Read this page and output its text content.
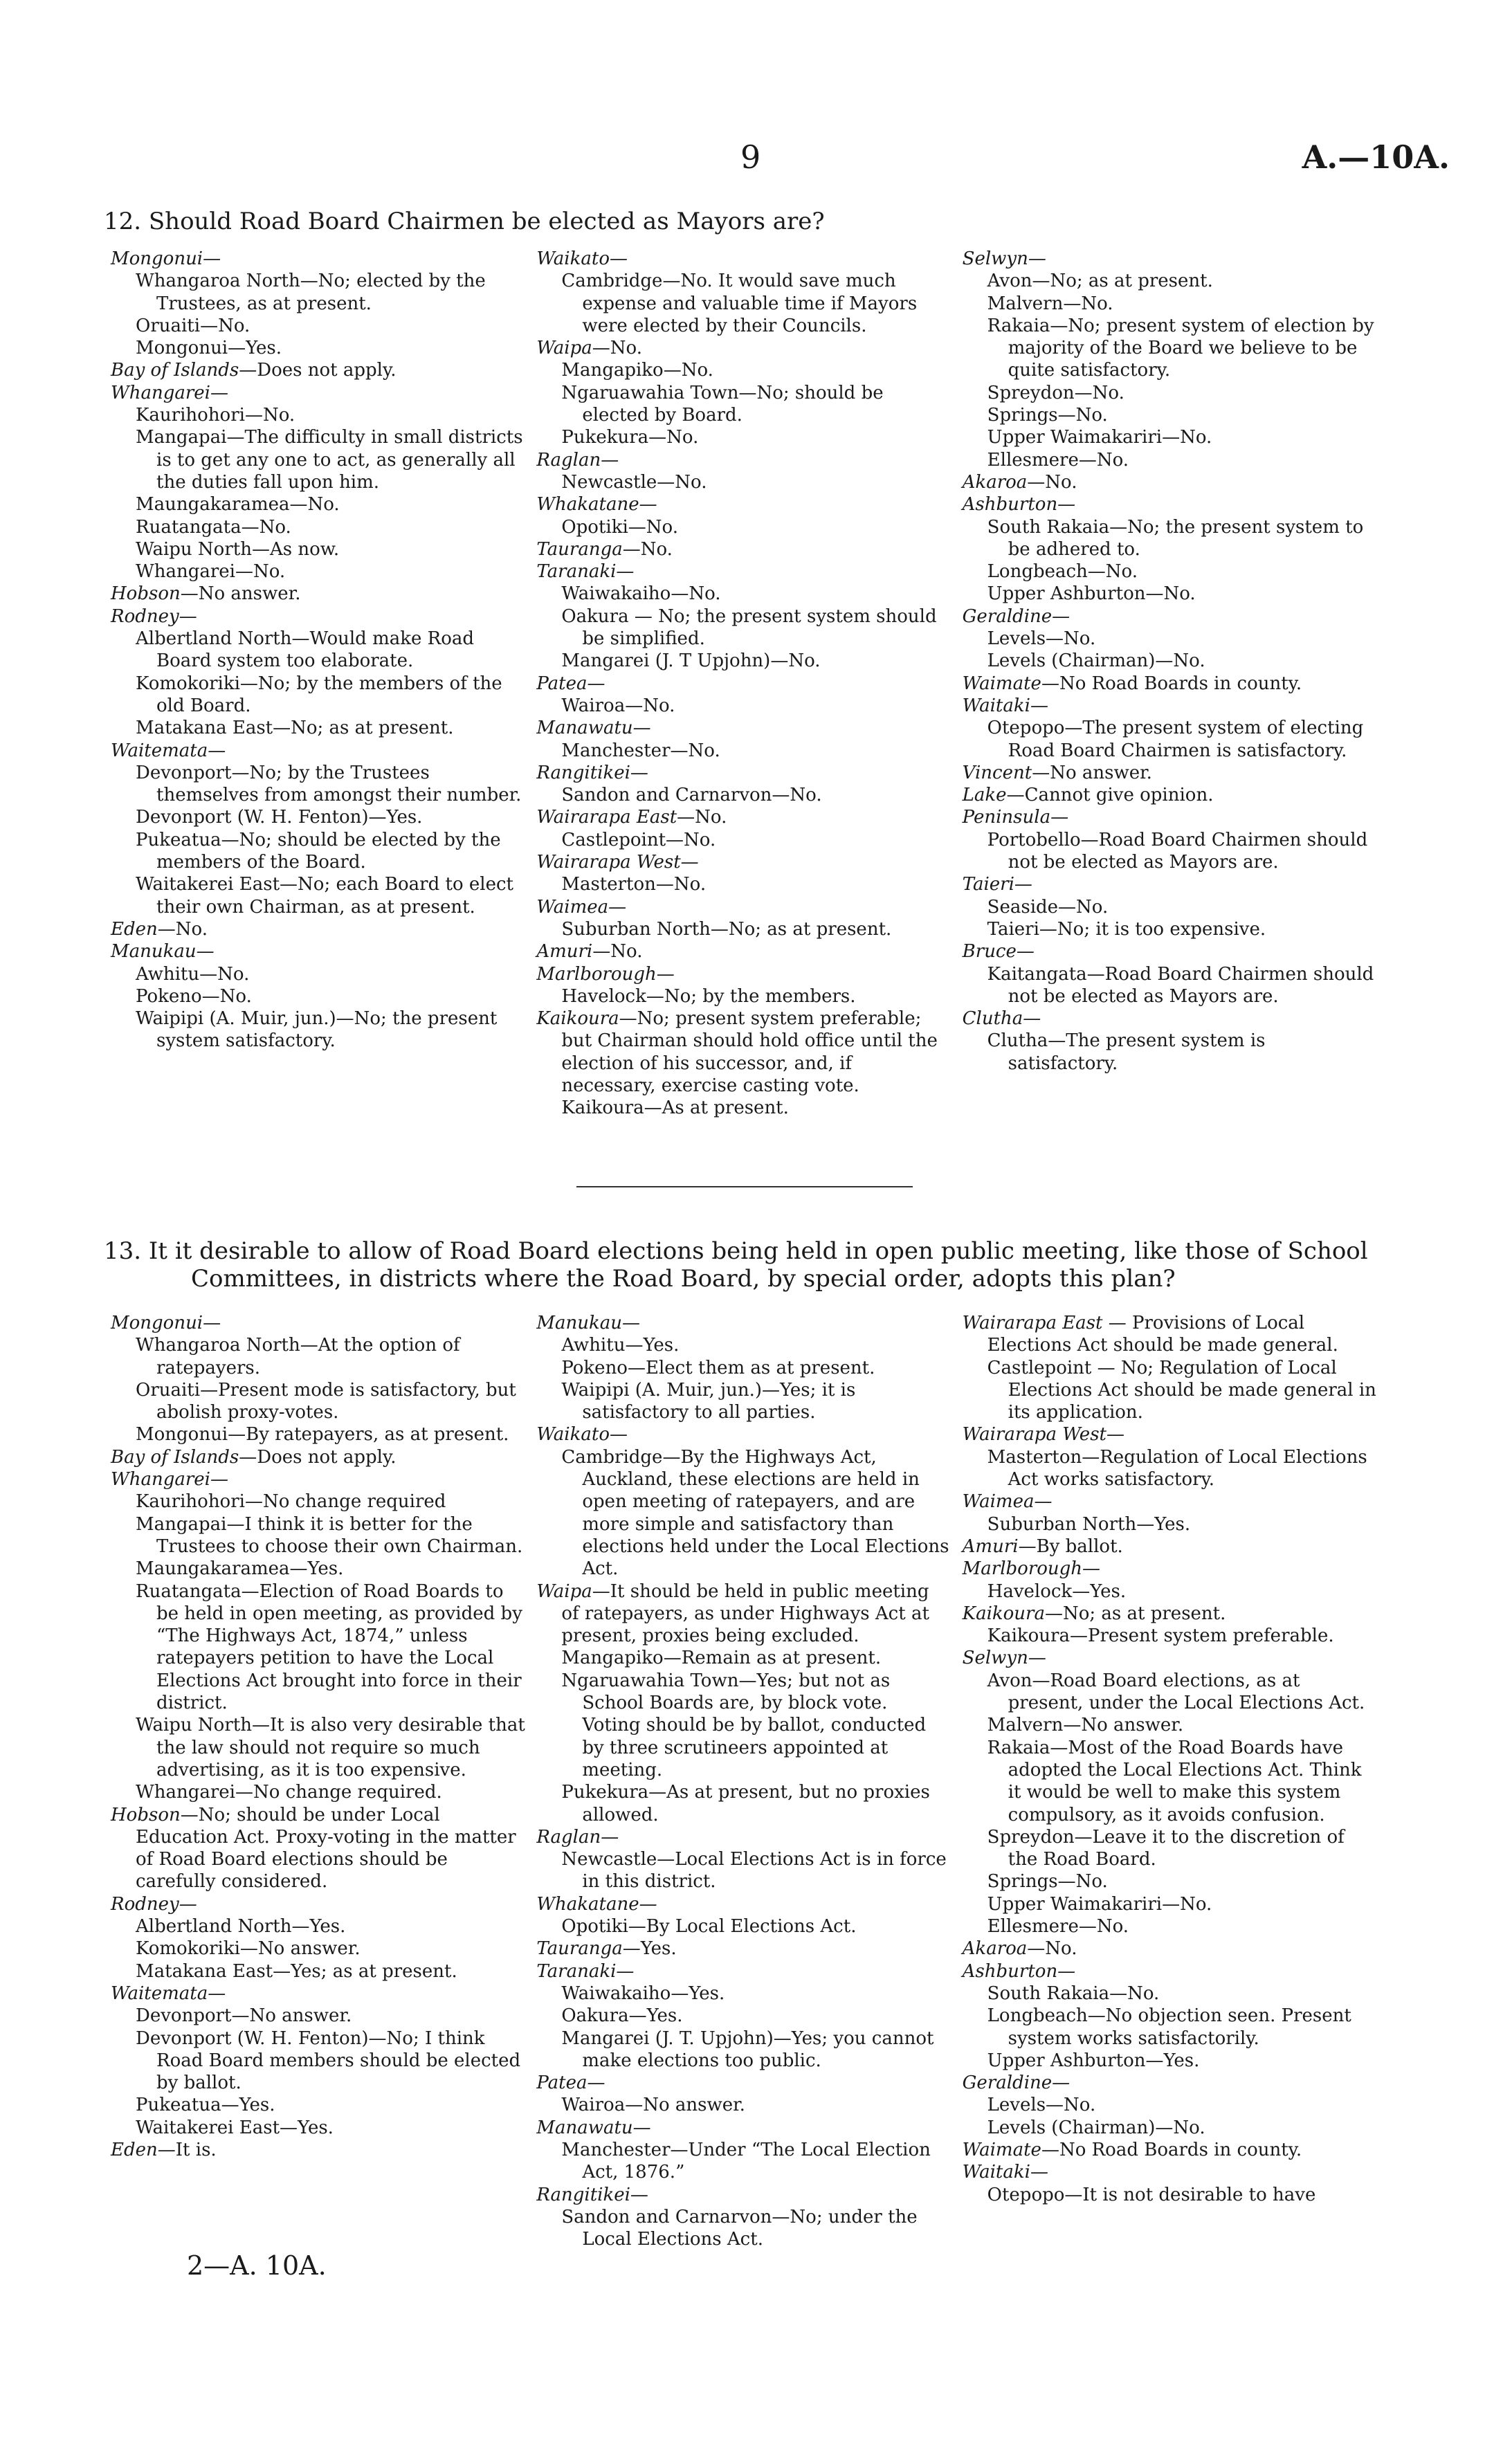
9	A.—10A.
12. Should Road Board Chairmen be elected as Mayors are?

Mongonui—

Whangaroa North—No; elected by the Trustees, as at present.

Oruaiti—No.

Mongonui—Yes.

Bay of Islands—Does not apply.

Whangarei—

Kaurihohori—No.

Mangapai—The difficulty in small districts is to get any one to act, as generally all the duties fall upon him.

Maungakaramea—No.

Ruatangata—No.

Waipu North—As now.

Whangarei—No.

Hobson—No answer.

Rodney—

Albertland North—Would make Road Board system too elaborate.

Komokoriki—No; by the members of the old Board.

Matakana East—No; as at present.

Waitemata—

Devonport—No; by the Trustees themselves from amongst their number.

Devonport (W. H. Fenton)—Yes.

Pukeatua—No; should be elected by the members of the Board.

Waitakerei East—No; each Board to elect their own Chairman, as at present.

Eden—No.

Manukau—

Awhitu—No.

Pokeno—No.

Waipipi (A. Muir, jun.)—No; the present system satisfactory.

Waikato—

Cambridge—No. It would save much expense and valuable time if Mayors were elected by their Councils.

Waipa—No.

Mangapiko—No.

Ngaruawahia Town—No; should be elected by Board.

Pukekura—No.

Raglan—

Newcastle—No.

Whakatane—

Opotiki—No.

Tauranga—No.

Taranaki—

Waiwakaiho—No.

Oakura — No; the present system should be simplified.

Mangarei (J. T Upjohn)—No.

Patea—

Wairoa—No.

Manawatu—

Manchester—No.

Rangitikei—

Sandon and Carnarvon—No.

Wairarapa East—No.

Castlepoint—No.

Wairarapa West—

Masterton—No.

Waimea—

Suburban North—No; as at present.

Amuri—No.

Marlborough—

Havelock—No; by the members.

Kaikoura—No; present system preferable; but Chairman should hold office until the election of his successor, and, if necessary, exercise casting vote.

Kaikoura—As at present.

Selwyn—

Avon—No; as at present.

Malvern—No.

Rakaia—No; present system of election by majority of the Board we believe to be quite satisfactory.

Spreydon—No.

Springs—No.

Upper Waimakariri—No.

Ellesmere—No.

Akaroa—No.

Ashburton—

South Rakaia—No; the present system to be adhered to.

Longbeach—No.

Upper Ashburton—No.

Geraldine—

Levels—No.

Levels (Chairman)—No.

Waimate—No Road Boards in county.

Waitaki—

Otepopo—The present system of electing Road Board Chairmen is satisfactory.

Vincent—No answer.

Lake—Cannot give opinion.

Peninsula—

Portobello—Road Board Chairmen should not be elected as Mayors are.

Taieri—

Seaside—No.

Taieri—No; it is too expensive.

Bruce—

Kaitangata—Road Board Chairmen should not be elected as Mayors are.

Clutha—

Clutha—The present system is satisfactory.

13. It it desirable to allow of Road Board elections being held in open public meeting, like those of School Committees, in districts where the Road Board, by special order, adopts this plan?

Mongonui—

Whangaroa North—At the option of ratepayers.

Oruaiti—Present mode is satisfactory, but abolish proxy-votes.

Mongonui—By ratepayers, as at present.

Bay of Islands—Does not apply.

Whangarei—

Kaurihohori—No change required

Mangapai—I think it is better for the Trustees to choose their own Chairman.

Maungakaramea—Yes.

Ruatangata—Election of Road Boards to be held in open meeting, as provided by “The Highways Act, 1874,” unless ratepayers petition to have the Local Elections Act brought into force in their district.

Waipu North—It is also very desirable that the law should not require so much advertising, as it is too expensive.

Whangarei—No change required.

Hobson—No; should be under Local Education Act. Proxy-voting in the matter of Road Board elections should be carefully considered.

Rodney—

Albertland North—Yes.

Komokoriki—No answer.

Matakana East—Yes; as at present.

Waitemata—

Devonport—No answer.

Devonport (W. H. Fenton)—No; I think Road Board members should be elected by ballot.

Pukeatua—Yes.

Waitakerei East—Yes.

Eden—It is.

Manukau—

Awhitu—Yes.

Pokeno—Elect them as at present.

Waipipi (A. Muir, jun.)—Yes; it is satisfactory to all parties.

Waikato—

Cambridge—By the Highways Act, Auckland, these elections are held in open meeting of ratepayers, and are more simple and satisfactory than elections held under the Local Elections Act.

Waipa—It should be held in public meeting of ratepayers, as under Highways Act at present, proxies being excluded.

Mangapiko—Remain as at present.

Ngaruawahia Town—Yes; but not as School Boards are, by block vote. Voting should be by ballot, conducted by three scrutineers appointed at meeting.

Pukekura—As at present, but no proxies allowed.

Raglan—

Newcastle—Local Elections Act is in force in this district.

Whakatane—

Opotiki—By Local Elections Act.

Tauranga—Yes.

Taranaki—

Waiwakaiho—Yes.

Oakura—Yes.

Mangarei (J. T. Upjohn)—Yes; you cannot make elections too public.

Patea—

Wairoa—No answer.

Manawatu—

Manchester—Under “The Local Election Act, 1876.”

Rangitikei—

Sandon and Carnarvon—No; under the Local Elections Act.

Wairarapa East — Provisions of Local Elections Act should be made general.

Castlepoint — No; Regulation of Local Elections Act should be made general in its application.

Wairarapa West—

Masterton—Regulation of Local Elections Act works satisfactory.

Waimea—

Suburban North—Yes.

Amuri—By ballot.

Marlborough—

Havelock—Yes.

Kaikoura—No; as at present.

Kaikoura—Present system preferable.

Selwyn—

Avon—Road Board elections, as at present, under the Local Elections Act.

Malvern—No answer.

Rakaia—Most of the Road Boards have adopted the Local Elections Act. Think it would be well to make this system compulsory, as it avoids confusion.

Spreydon—Leave it to the discretion of the Road Board.

Springs—No.

Upper Waimakariri—No.

Ellesmere—No.

Akaroa—No.

Ashburton—

South Rakaia—No.

Longbeach—No objection seen. Present system works satisfactorily.

Upper Ashburton—Yes.

Geraldine—

Levels—No.

Levels (Chairman)—No.

Waimate—No Road Boards in county.

Waitaki—

Otepopo—It is not desirable to have

2—A. 10A.
